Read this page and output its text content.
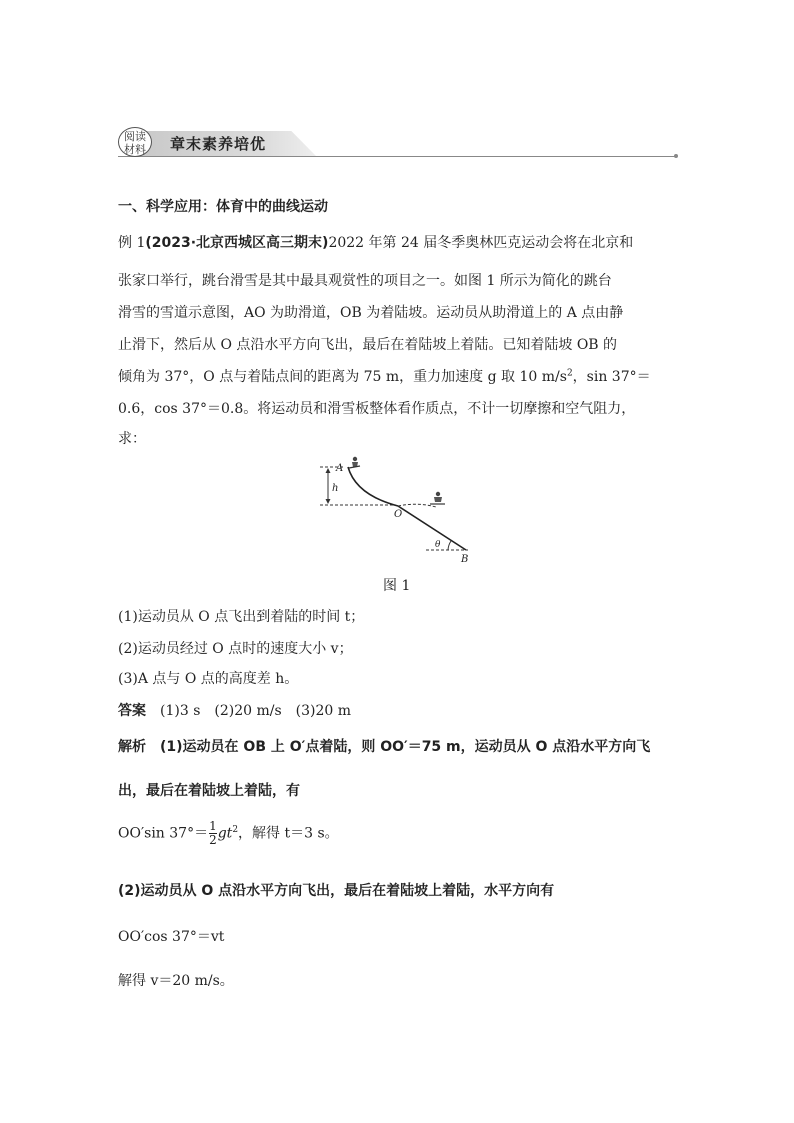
阅读
材料	章末素养培优
一、科学应用：体育中的曲线运动
例 1(2023·北京西城区高三期末)2022 年第 24 届冬季奥林匹克运动会将在北京和
张家口举行，跳台滑雪是其中最具观赏性的项目之一。如图 1 所示为简化的跳台
滑雪的雪道示意图，AO 为助滑道，OB 为着陆坡。运动员从助滑道上的 A 点由静
止滑下，然后从 O 点沿水平方向飞出，最后在着陆坡上着陆。已知着陆坡 OB 的
倾角为 37°，O 点与着陆点间的距离为 75 m，重力加速度 g 取 10 $m/s^2$，sin 37°＝
0.6，cos 37°＝0.8。将运动员和滑雪板整体看作质点，不计一切摩擦和空气阻力，
求：
A
h
O
B
θ
图 1
(1)运动员从 O 点飞出到着陆的时间 t；
(2)运动员经过 O 点时的速度大小 v；
(3)A 点与 O 点的高度差 h。
答案　 (1)3 s　(2)20 m/s　(3)20 m
解析　 (1)运动员在 OB 上 O′点着陆，则 OO′＝75 m，运动员从 O 点沿水平方向飞
出，最后在着陆坡上着陆，有
OO′sin $37^\circ= \frac{1}{2} gt^2$，解得 t＝3 s。
(2)运动员从 O 点沿水平方向飞出，最后在着陆坡上着陆，水平方向有
OO′cos 37°＝vt
解得 v＝20 m/s。
